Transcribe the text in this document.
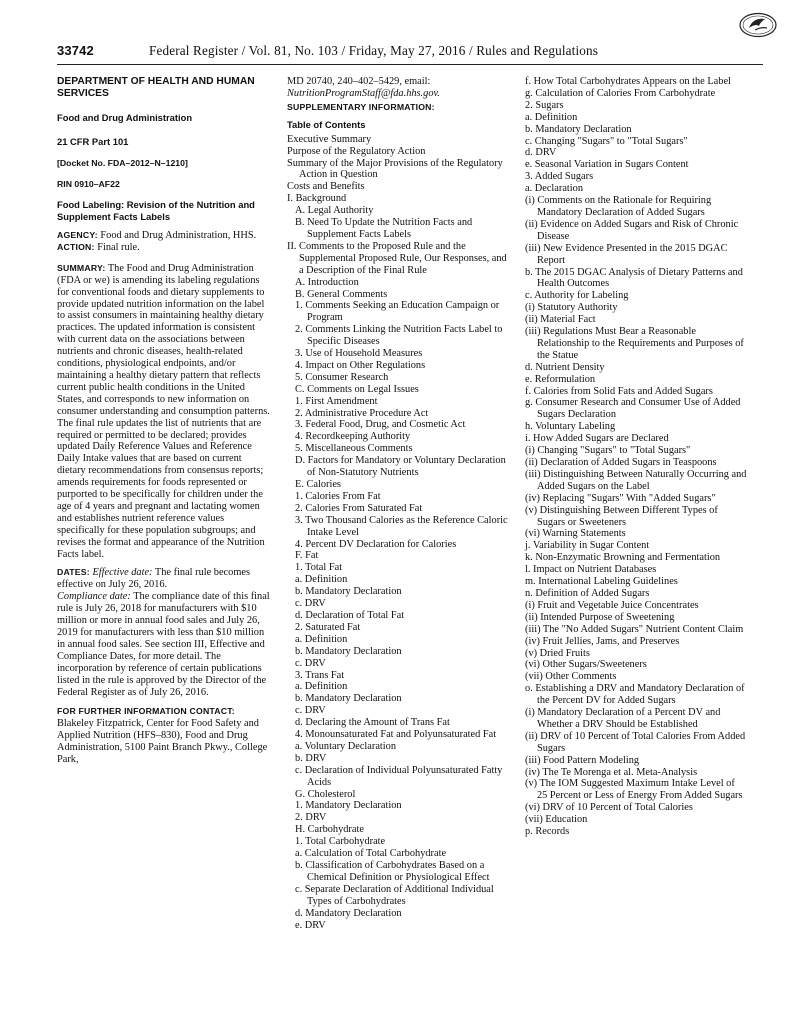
33742	Federal Register / Vol. 81, No. 103 / Friday, May 27, 2016 / Rules and Regulations

DEPARTMENT OF HEALTH AND HUMAN SERVICES

Food and Drug Administration

21 CFR Part 101

[Docket No. FDA–2012–N–1210]

RIN 0910–AF22

Food Labeling: Revision of the Nutrition and Supplement Facts Labels

AGENCY: Food and Drug Administration, HHS.

ACTION: Final rule.

SUMMARY: The Food and Drug Administration (FDA or we) is amending its labeling regulations for conventional foods and dietary supplements to provide updated nutrition information on the label to assist consumers in maintaining healthy dietary practices. The updated information is consistent with current data on the associations between nutrients and chronic diseases, health-related conditions, physiological endpoints, and/or maintaining a healthy dietary pattern that reflects current public health conditions in the United States, and corresponds to new information on consumer understanding and consumption patterns. The final rule updates the list of nutrients that are required or permitted to be declared; provides updated Daily Reference Values and Reference Daily Intake values that are based on current dietary recommendations from consensus reports; amends requirements for foods represented or purported to be specifically for children under the age of 4 years and pregnant and lactating women and establishes nutrient reference values specifically for these population subgroups; and revises the format and appearance of the Nutrition Facts label.

DATES: Effective date: The final rule becomes effective on July 26, 2016.

Compliance date: The compliance date of this final rule is July 26, 2018 for manufacturers with $10 million or more in annual food sales and July 26, 2019 for manufacturers with less than $10 million in annual food sales. See section III, Effective and Compliance Dates, for more detail. The incorporation by reference of certain publications listed in the rule is approved by the Director of the Federal Register as of July 26, 2016.

FOR FURTHER INFORMATION CONTACT:
Blakeley Fitzpatrick, Center for Food Safety and Applied Nutrition (HFS–830), Food and Drug Administration, 5100 Paint Branch Pkwy., College Park,

MD 20740, 240–402–5429, email:

NutritionProgramStaff@fda.hhs.gov.

SUPPLEMENTARY INFORMATION:

Table of Contents

Executive Summary
Purpose of the Regulatory Action
Summary of the Major Provisions of the Regulatory Action in Question
Costs and Benefits
I. Background
A. Legal Authority
B. Need To Update the Nutrition Facts and Supplement Facts Labels
II. Comments to the Proposed Rule and the Supplemental Proposed Rule, Our Responses, and a Description of the Final Rule
A. Introduction
B. General Comments
1. Comments Seeking an Education Campaign or Program
2. Comments Linking the Nutrition Facts Label to Specific Diseases
3. Use of Household Measures
4. Impact on Other Regulations
5. Consumer Research
C. Comments on Legal Issues
1. First Amendment
2. Administrative Procedure Act
3. Federal Food, Drug, and Cosmetic Act
4. Recordkeeping Authority
5. Miscellaneous Comments
D. Factors for Mandatory or Voluntary Declaration of Non-Statutory Nutrients
E. Calories
1. Calories From Fat
2. Calories From Saturated Fat
3. Two Thousand Calories as the Reference Caloric Intake Level
4. Percent DV Declaration for Calories
F. Fat
1. Total Fat
a. Definition
b. Mandatory Declaration
c. DRV
d. Declaration of Total Fat
2. Saturated Fat
a. Definition
b. Mandatory Declaration
c. DRV
3. Trans Fat
a. Definition
b. Mandatory Declaration
c. DRV
d. Declaring the Amount of Trans Fat
4. Monounsaturated Fat and Polyunsaturated Fat
a. Voluntary Declaration
b. DRV
c. Declaration of Individual Polyunsaturated Fatty Acids
G. Cholesterol
1. Mandatory Declaration
2. DRV
H. Carbohydrate
1. Total Carbohydrate
a. Calculation of Total Carbohydrate
b. Classification of Carbohydrates Based on a Chemical Definition or Physiological Effect
c. Separate Declaration of Additional Individual Types of Carbohydrates
d. Mandatory Declaration
e. DRV
f. How Total Carbohydrates Appears on the Label
g. Calculation of Calories From Carbohydrate
2. Sugars
a. Definition
b. Mandatory Declaration
c. Changing "Sugars" to "Total Sugars"
d. DRV
e. Seasonal Variation in Sugars Content
3. Added Sugars
a. Declaration
(i) Comments on the Rationale for Requiring Mandatory Declaration of Added Sugars
(ii) Evidence on Added Sugars and Risk of Chronic Disease
(iii) New Evidence Presented in the 2015 DGAC Report
b. The 2015 DGAC Analysis of Dietary Patterns and Health Outcomes
c. Authority for Labeling
(i) Statutory Authority
(ii) Material Fact
(iii) Regulations Must Bear a Reasonable Relationship to the Requirements and Purposes of the Statue
d. Nutrient Density
e. Reformulation
f. Calories from Solid Fats and Added Sugars
g. Consumer Research and Consumer Use of Added Sugars Declaration
h. Voluntary Labeling
i. How Added Sugars are Declared
(i) Changing "Sugars" to "Total Sugars"
(ii) Declaration of Added Sugars in Teaspoons
(iii) Distinguishing Between Naturally Occurring and Added Sugars on the Label
(iv) Replacing "Sugars" With "Added Sugars"
(v) Distinguishing Between Different Types of Sugars or Sweeteners
(vi) Warning Statements
j. Variability in Sugar Content
k. Non-Enzymatic Browning and Fermentation
l. Impact on Nutrient Databases
m. International Labeling Guidelines
n. Definition of Added Sugars
(i) Fruit and Vegetable Juice Concentrates
(ii) Intended Purpose of Sweetening
(iii) The "No Added Sugars" Nutrient Content Claim
(iv) Fruit Jellies, Jams, and Preserves
(v) Dried Fruits
(vi) Other Sugars/Sweeteners
(vii) Other Comments
o. Establishing a DRV and Mandatory Declaration of the Percent DV for Added Sugars
(i) Mandatory Declaration of a Percent DV and Whether a DRV Should be Established
(ii) DRV of 10 Percent of Total Calories From Added Sugars
(iii) Food Pattern Modeling
(iv) The Te Morenga et al. Meta-Analysis
(v) The IOM Suggested Maximum Intake Level of 25 Percent or Less of Energy From Added Sugars
(vi) DRV of 10 Percent of Total Calories
(vii) Education
p. Records
